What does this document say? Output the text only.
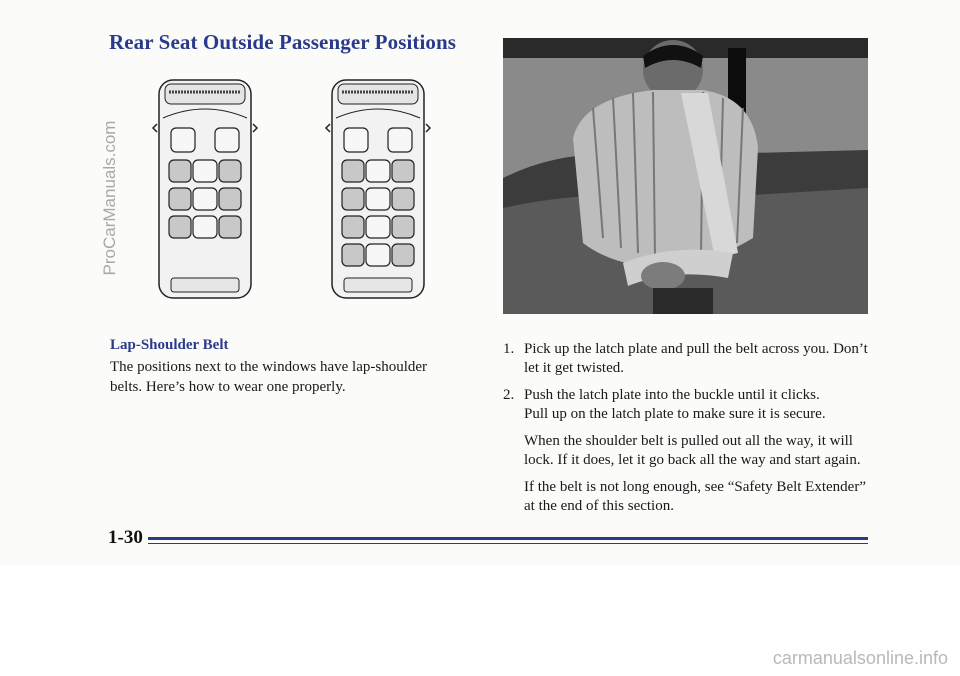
Rear Seat Outside Passenger Positions
Lap-Shoulder Belt

The positions next to the windows have lap-shoulder belts. Here’s how to wear one properly.

1. Pick up the latch plate and pull the belt across you. Don’t let it get twisted.
2. Push the latch plate into the buckle until it clicks.

Pull up on the latch plate to make sure it is secure.

When the shoulder belt is pulled out all the way, it will lock. If it does, let it go back all the way and start again.

If the belt is not long enough, see “Safety Belt Extender” at the end of this section.

1-30

ProCarManuals.com
carmanualsonline.info
